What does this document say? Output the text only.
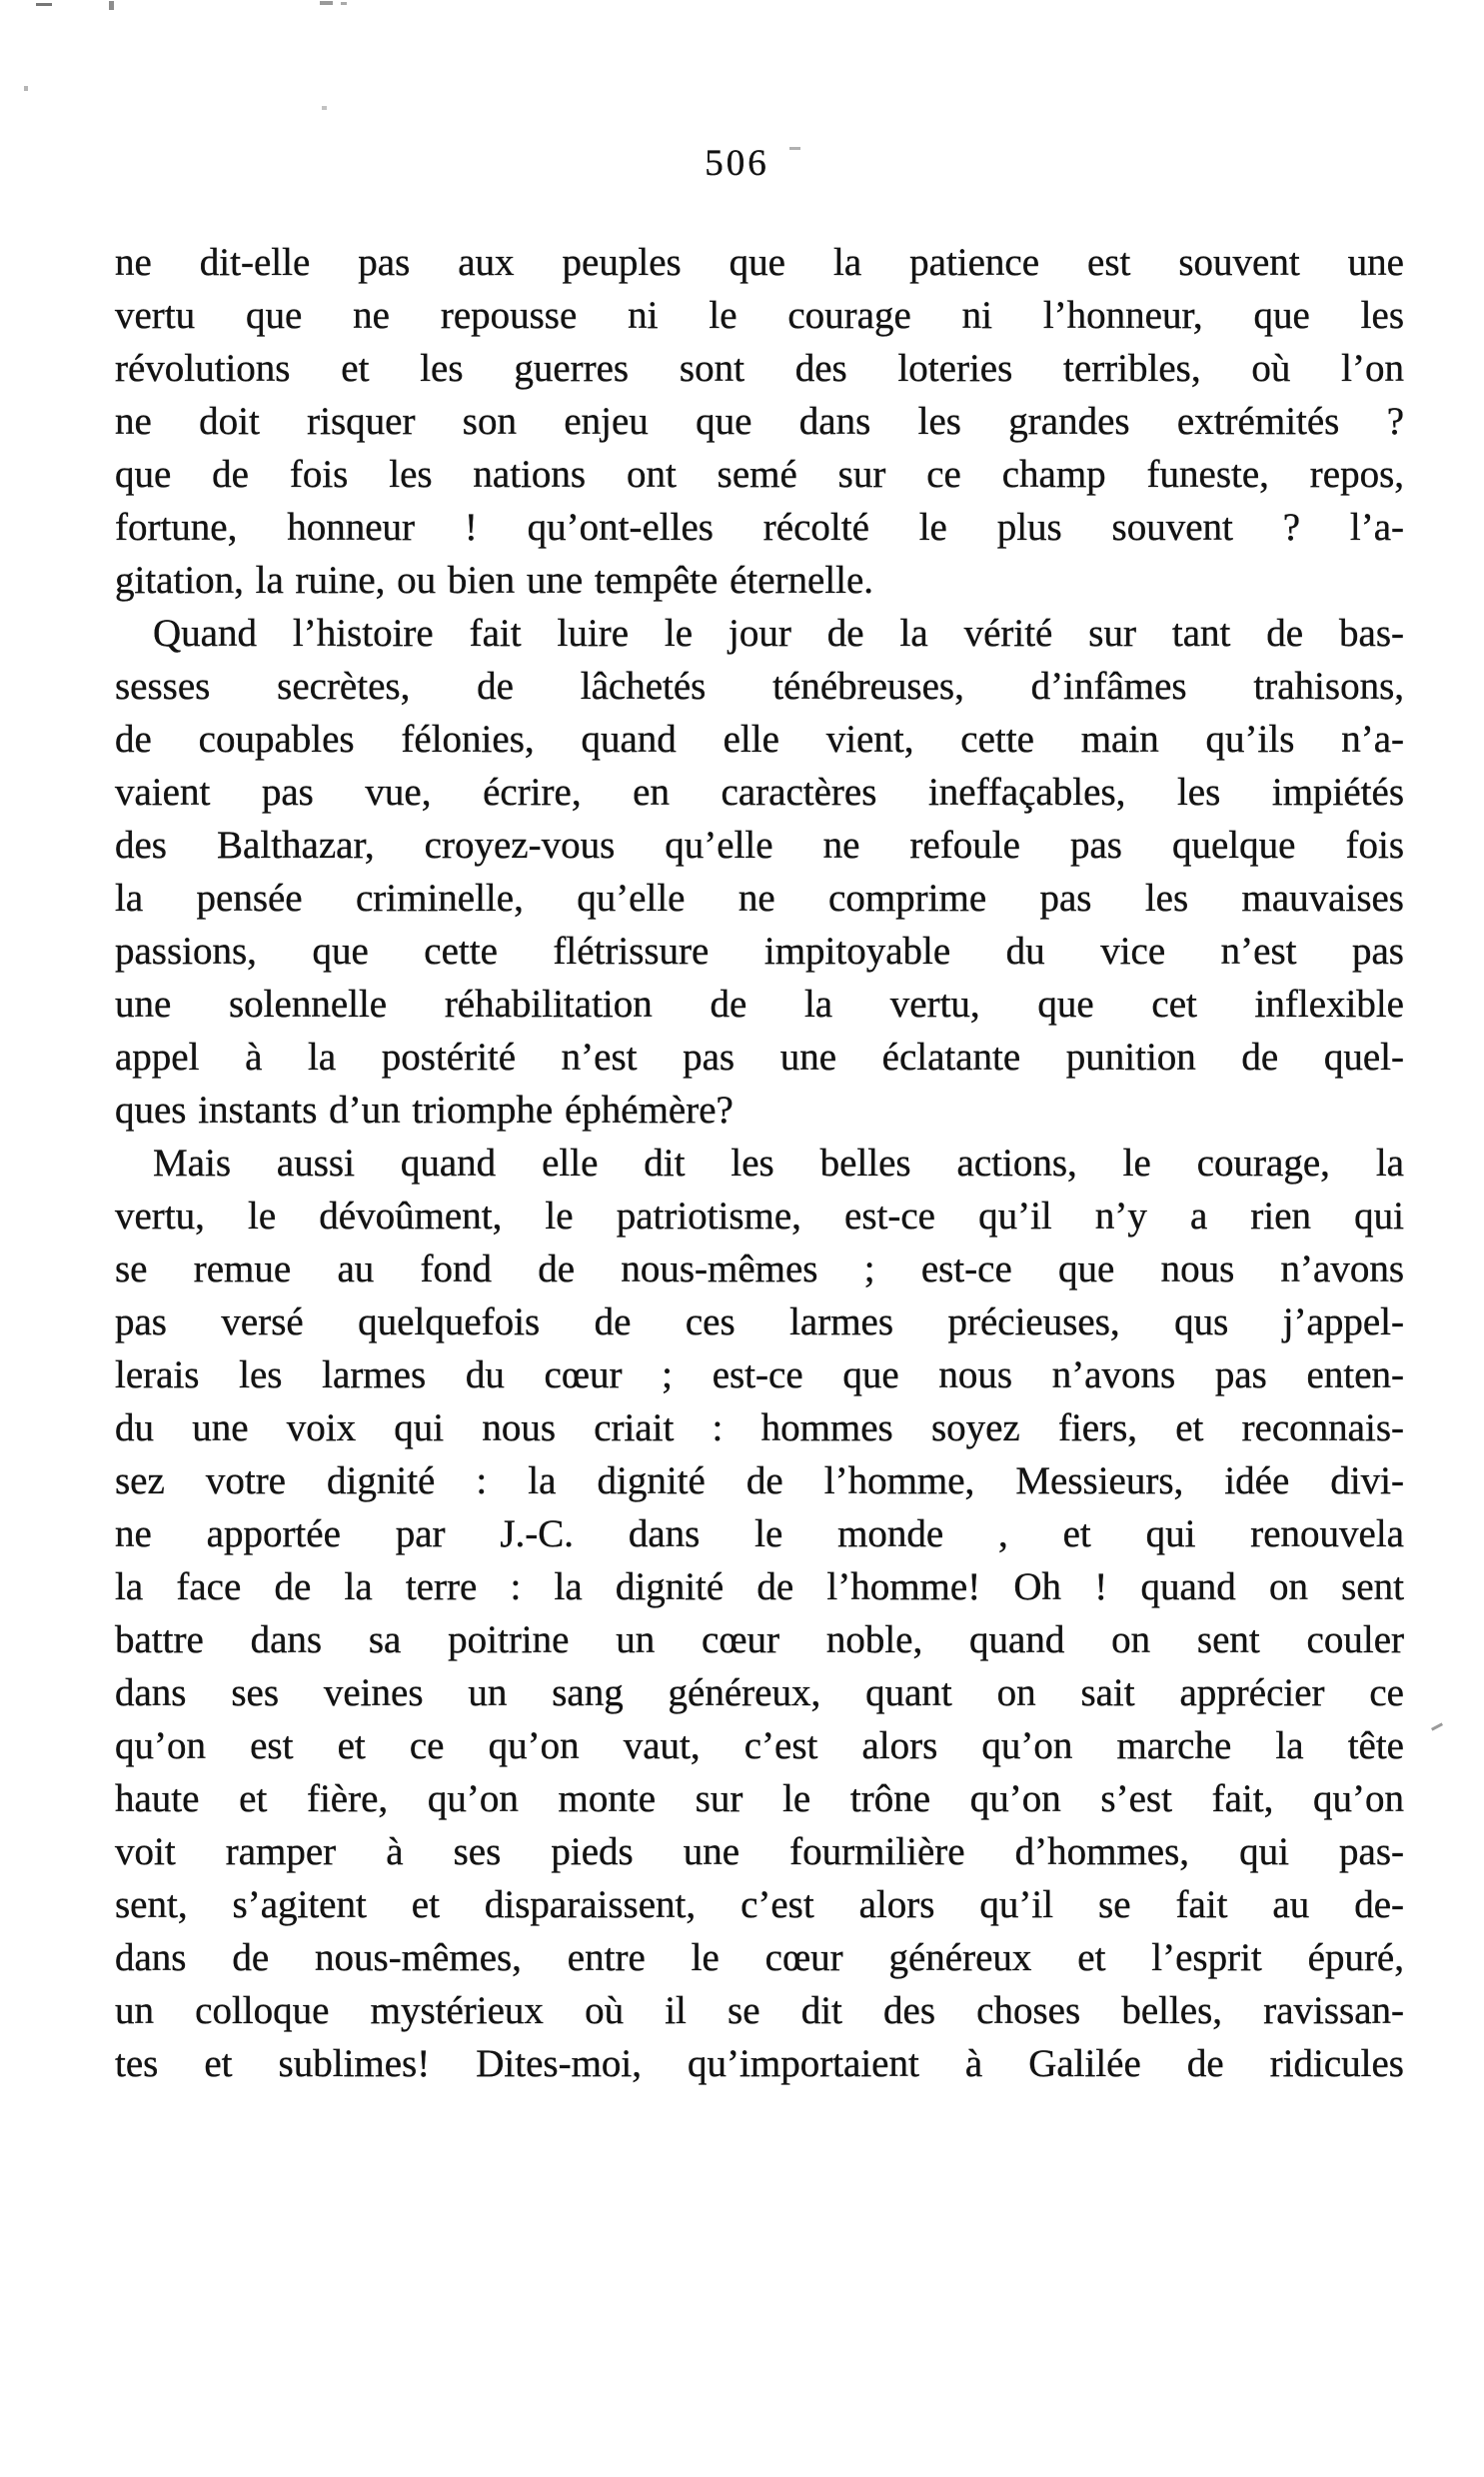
506
ne dit-elle pas aux peuples que la patience est souvent une
vertu que ne repousse ni le courage ni l’honneur, que les
révolutions et les guerres sont des loteries terribles, où l’on
ne doit risquer son enjeu que dans les grandes extrémités ?
que de fois les nations ont semé sur ce champ funeste, repos,
fortune, honneur ! qu’ont-elles récolté le plus souvent ? l’a-
gitation, la ruine, ou bien une tempête éternelle.
Quand l’histoire fait luire le jour de la vérité sur tant de bas-
sesses secrètes, de lâchetés ténébreuses, d’infâmes trahisons,
de coupables félonies, quand elle vient, cette main qu’ils n’a-
vaient pas vue, écrire, en caractères ineffaçables, les impiétés
des Balthazar, croyez-vous qu’elle ne refoule pas quelque fois
la pensée criminelle, qu’elle ne comprime pas les mauvaises
passions, que cette flétrissure impitoyable du vice n’est pas
une solennelle réhabilitation de la vertu, que cet inflexible
appel à la postérité n’est pas une éclatante punition de quel-
ques instants d’un triomphe éphémère?
Mais aussi quand elle dit les belles actions, le courage, la
vertu, le dévoûment, le patriotisme, est-ce qu’il n’y a rien qui
se remue au fond de nous-mêmes ; est-ce que nous n’avons
pas versé quelquefois de ces larmes précieuses, qus j’appel-
lerais les larmes du cœur ; est-ce que nous n’avons pas enten-
du une voix qui nous criait : hommes soyez fiers, et reconnais-
sez votre dignité : la dignité de l’homme, Messieurs, idée divi-
ne apportée par J.-C. dans le monde , et qui renouvela
la face de la terre : la dignité de l’homme! Oh ! quand on sent
battre dans sa poitrine un cœur noble, quand on sent couler
dans ses veines un sang généreux, quant on sait apprécier ce
qu’on est et ce qu’on vaut, c’est alors qu’on marche la tête
haute et fière, qu’on monte sur le trône qu’on s’est fait, qu’on
voit ramper à ses pieds une fourmilière d’hommes, qui pas-
sent, s’agitent et disparaissent, c’est alors qu’il se fait au de-
dans de nous-mêmes, entre le cœur généreux et l’esprit épuré,
un colloque mystérieux où il se dit des choses belles, ravissan-
tes et sublimes! Dites-moi, qu’importaient à Galilée de ridicules
